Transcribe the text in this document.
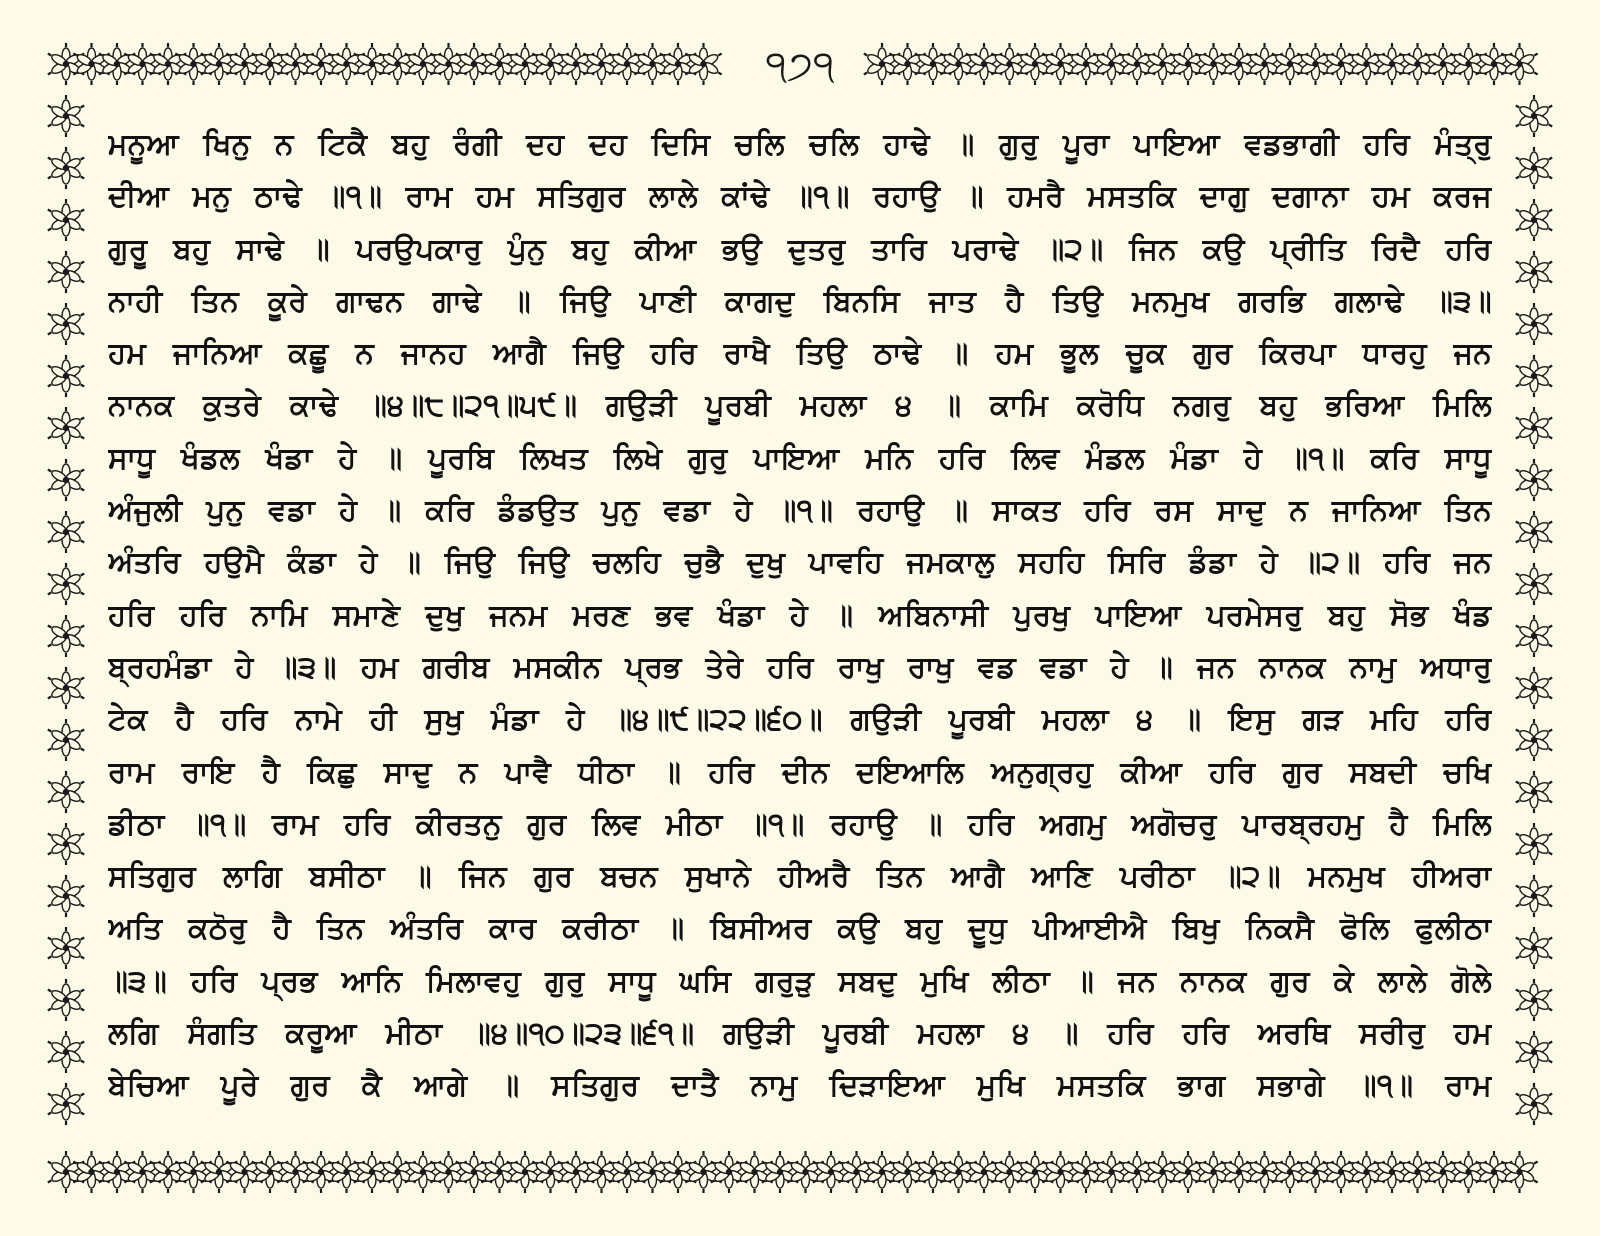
੧੭੧
ਮਨੂਆ ਖਿਨੁ ਨ ਟਿਕੈ ਬਹੁ ਰੰਗੀ ਦਹ ਦਹ ਦਿਸਿ ਚਲਿ ਚਲਿ ਹਾਢੇ ॥ ਗੁਰੁ ਪੂਰਾ ਪਾਇਆ ਵਡਭਾਗੀ ਹਰਿ ਮੰਤ੍ਰੁ
ਦੀਆ ਮਨੁ ਠਾਢੇ ॥੧॥ ਰਾਮ ਹਮ ਸਤਿਗੁਰ ਲਾਲੇ ਕਾਂਢੇ ॥੧॥ ਰਹਾਉ ॥ ਹਮਰੈ ਮਸਤਕਿ ਦਾਗੁ ਦਗਾਨਾ ਹਮ ਕਰਜ
ਗੁਰੂ ਬਹੁ ਸਾਢੇ ॥ ਪਰਉਪਕਾਰੁ ਪੁੰਨੁ ਬਹੁ ਕੀਆ ਭਉ ਦੁਤਰੁ ਤਾਰਿ ਪਰਾਢੇ ॥੨॥ ਜਿਨ ਕਉ ਪ੍ਰੀਤਿ ਰਿਦੈ ਹਰਿ
ਨਾਹੀ ਤਿਨ ਕੂਰੇ ਗਾਢਨ ਗਾਢੇ ॥ ਜਿਉ ਪਾਣੀ ਕਾਗਦੁ ਬਿਨਸਿ ਜਾਤ ਹੈ ਤਿਉ ਮਨਮੁਖ ਗਰਭਿ ਗਲਾਢੇ ॥੩॥
ਹਮ ਜਾਨਿਆ ਕਛੂ ਨ ਜਾਨਹ ਆਗੈ ਜਿਉ ਹਰਿ ਰਾਖੈ ਤਿਉ ਠਾਢੇ ॥ ਹਮ ਭੂਲ ਚੂਕ ਗੁਰ ਕਿਰਪਾ ਧਾਰਹੁ ਜਨ
ਨਾਨਕ ਕੁਤਰੇ ਕਾਢੇ ॥੪॥੮॥੨੧॥੫੯॥ ਗਉੜੀ ਪੂਰਬੀ ਮਹਲਾ ੪ ॥ ਕਾਮਿ ਕਰੋਧਿ ਨਗਰੁ ਬਹੁ ਭਰਿਆ ਮਿਲਿ
ਸਾਧੂ ਖੰਡਲ ਖੰਡਾ ਹੇ ॥ ਪੂਰਬਿ ਲਿਖਤ ਲਿਖੇ ਗੁਰੁ ਪਾਇਆ ਮਨਿ ਹਰਿ ਲਿਵ ਮੰਡਲ ਮੰਡਾ ਹੇ ॥੧॥ ਕਰਿ ਸਾਧੂ
ਅੰਜੁਲੀ ਪੁਨੁ ਵਡਾ ਹੇ ॥ ਕਰਿ ਡੰਡਉਤ ਪੁਨੁ ਵਡਾ ਹੇ ॥੧॥ ਰਹਾਉ ॥ ਸਾਕਤ ਹਰਿ ਰਸ ਸਾਦੁ ਨ ਜਾਨਿਆ ਤਿਨ
ਅੰਤਰਿ ਹਉਮੈ ਕੰਡਾ ਹੇ ॥ ਜਿਉ ਜਿਉ ਚਲਹਿ ਚੁਭੈ ਦੁਖੁ ਪਾਵਹਿ ਜਮਕਾਲੁ ਸਹਹਿ ਸਿਰਿ ਡੰਡਾ ਹੇ ॥੨॥ ਹਰਿ ਜਨ
ਹਰਿ ਹਰਿ ਨਾਮਿ ਸਮਾਣੇ ਦੁਖੁ ਜਨਮ ਮਰਣ ਭਵ ਖੰਡਾ ਹੇ ॥ ਅਬਿਨਾਸੀ ਪੁਰਖੁ ਪਾਇਆ ਪਰਮੇਸਰੁ ਬਹੁ ਸੋਭ ਖੰਡ
ਬ੍ਰਹਮੰਡਾ ਹੇ ॥੩॥ ਹਮ ਗਰੀਬ ਮਸਕੀਨ ਪ੍ਰਭ ਤੇਰੇ ਹਰਿ ਰਾਖੁ ਰਾਖੁ ਵਡ ਵਡਾ ਹੇ ॥ ਜਨ ਨਾਨਕ ਨਾਮੁ ਅਧਾਰੁ
ਟੇਕ ਹੈ ਹਰਿ ਨਾਮੇ ਹੀ ਸੁਖੁ ਮੰਡਾ ਹੇ ॥੪॥੯॥੨੨॥੬੦॥ ਗਉੜੀ ਪੂਰਬੀ ਮਹਲਾ ੪ ॥ ਇਸੁ ਗੜ ਮਹਿ ਹਰਿ
ਰਾਮ ਰਾਇ ਹੈ ਕਿਛੁ ਸਾਦੁ ਨ ਪਾਵੈ ਧੀਠਾ ॥ ਹਰਿ ਦੀਨ ਦਇਆਲਿ ਅਨੁਗ੍ਰਹੁ ਕੀਆ ਹਰਿ ਗੁਰ ਸਬਦੀ ਚਖਿ
ਡੀਠਾ ॥੧॥ ਰਾਮ ਹਰਿ ਕੀਰਤਨੁ ਗੁਰ ਲਿਵ ਮੀਠਾ ॥੧॥ ਰਹਾਉ ॥ ਹਰਿ ਅਗਮੁ ਅਗੋਚਰੁ ਪਾਰਬ੍ਰਹਮੁ ਹੈ ਮਿਲਿ
ਸਤਿਗੁਰ ਲਾਗਿ ਬਸੀਠਾ ॥ ਜਿਨ ਗੁਰ ਬਚਨ ਸੁਖਾਨੇ ਹੀਅਰੈ ਤਿਨ ਆਗੈ ਆਣਿ ਪਰੀਠਾ ॥੨॥ ਮਨਮੁਖ ਹੀਅਰਾ
ਅਤਿ ਕਠੋਰੁ ਹੈ ਤਿਨ ਅੰਤਰਿ ਕਾਰ ਕਰੀਠਾ ॥ ਬਿਸੀਅਰ ਕਉ ਬਹੁ ਦੂਧੁ ਪੀਆਈਐ ਬਿਖੁ ਨਿਕਸੈ ਫੋਲਿ ਫੁਲੀਠਾ
॥੩॥ ਹਰਿ ਪ੍ਰਭ ਆਨਿ ਮਿਲਾਵਹੁ ਗੁਰੁ ਸਾਧੂ ਘਸਿ ਗਰੁੜੁ ਸਬਦੁ ਮੁਖਿ ਲੀਠਾ ॥ ਜਨ ਨਾਨਕ ਗੁਰ ਕੇ ਲਾਲੇ ਗੋਲੇ
ਲਗਿ ਸੰਗਤਿ ਕਰੂਆ ਮੀਠਾ ॥੪॥੧੦॥੨੩॥੬੧॥ ਗਉੜੀ ਪੂਰਬੀ ਮਹਲਾ ੪ ॥ ਹਰਿ ਹਰਿ ਅਰਥਿ ਸਰੀਰੁ ਹਮ
ਬੇਚਿਆ ਪੂਰੇ ਗੁਰ ਕੈ ਆਗੇ ॥ ਸਤਿਗੁਰ ਦਾਤੈ ਨਾਮੁ ਦਿੜਾਇਆ ਮੁਖਿ ਮਸਤਕਿ ਭਾਗ ਸਭਾਗੇ ॥੧॥ ਰਾਮ
